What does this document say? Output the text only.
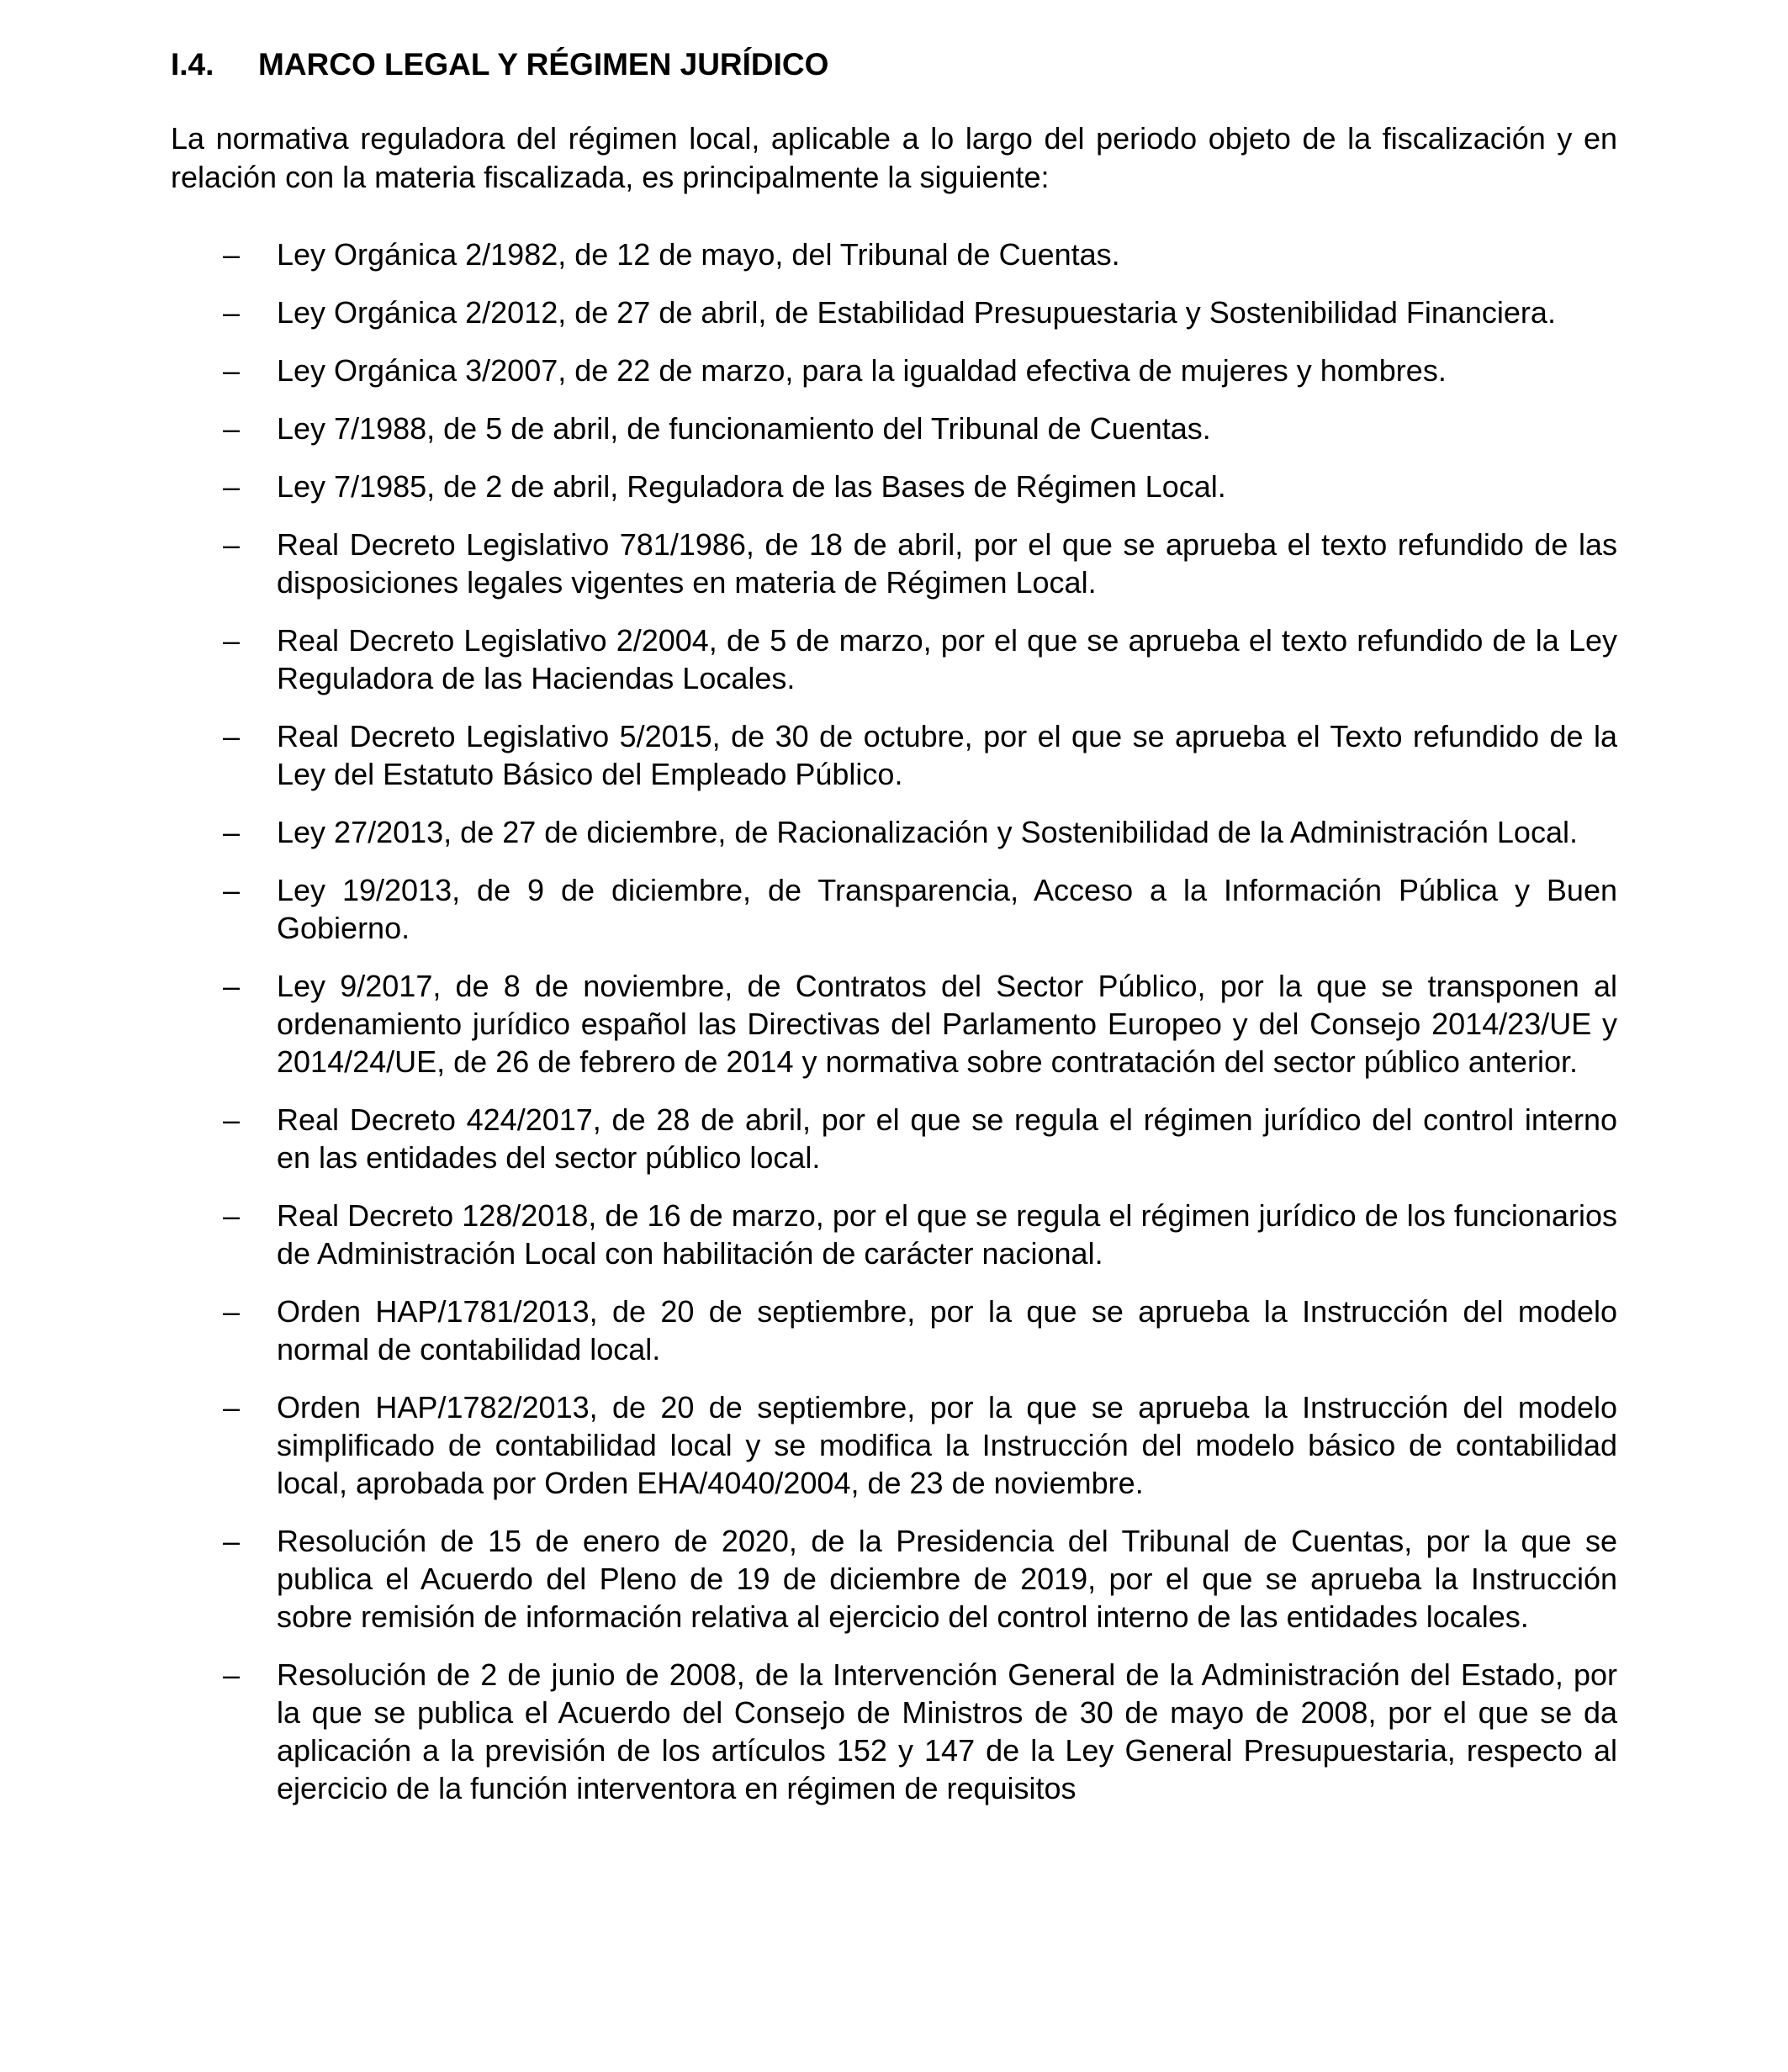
I.4. MARCO LEGAL Y RÉGIMEN JURÍDICO

La normativa reguladora del régimen local, aplicable a lo largo del periodo objeto de la fiscalización y en relación con la materia fiscalizada, es principalmente la siguiente:

– Ley Orgánica 2/1982, de 12 de mayo, del Tribunal de Cuentas.
– Ley Orgánica 2/2012, de 27 de abril, de Estabilidad Presupuestaria y Sostenibilidad Financiera.
– Ley Orgánica 3/2007, de 22 de marzo, para la igualdad efectiva de mujeres y hombres.
– Ley 7/1988, de 5 de abril, de funcionamiento del Tribunal de Cuentas.
– Ley 7/1985, de 2 de abril, Reguladora de las Bases de Régimen Local.
– Real Decreto Legislativo 781/1986, de 18 de abril, por el que se aprueba el texto refundido de las disposiciones legales vigentes en materia de Régimen Local.
– Real Decreto Legislativo 2/2004, de 5 de marzo, por el que se aprueba el texto refundido de la Ley Reguladora de las Haciendas Locales.
– Real Decreto Legislativo 5/2015, de 30 de octubre, por el que se aprueba el Texto refundido de la Ley del Estatuto Básico del Empleado Público.
– Ley 27/2013, de 27 de diciembre, de Racionalización y Sostenibilidad de la Administración Local.
– Ley 19/2013, de 9 de diciembre, de Transparencia, Acceso a la Información Pública y Buen Gobierno.
– Ley 9/2017, de 8 de noviembre, de Contratos del Sector Público, por la que se transponen al ordenamiento jurídico español las Directivas del Parlamento Europeo y del Consejo 2014/23/UE y 2014/24/UE, de 26 de febrero de 2014 y normativa sobre contratación del sector público anterior.
– Real Decreto 424/2017, de 28 de abril, por el que se regula el régimen jurídico del control interno en las entidades del sector público local.
– Real Decreto 128/2018, de 16 de marzo, por el que se regula el régimen jurídico de los funcionarios de Administración Local con habilitación de carácter nacional.
– Orden HAP/1781/2013, de 20 de septiembre, por la que se aprueba la Instrucción del modelo normal de contabilidad local.
– Orden HAP/1782/2013, de 20 de septiembre, por la que se aprueba la Instrucción del modelo simplificado de contabilidad local y se modifica la Instrucción del modelo básico de contabilidad local, aprobada por Orden EHA/4040/2004, de 23 de noviembre.
– Resolución de 15 de enero de 2020, de la Presidencia del Tribunal de Cuentas, por la que se publica el Acuerdo del Pleno de 19 de diciembre de 2019, por el que se aprueba la Instrucción sobre remisión de información relativa al ejercicio del control interno de las entidades locales.
– Resolución de 2 de junio de 2008, de la Intervención General de la Administración del Estado, por la que se publica el Acuerdo del Consejo de Ministros de 30 de mayo de 2008, por el que se da aplicación a la previsión de los artículos 152 y 147 de la Ley General Presupuestaria, respecto al ejercicio de la función interventora en régimen de requisitos
